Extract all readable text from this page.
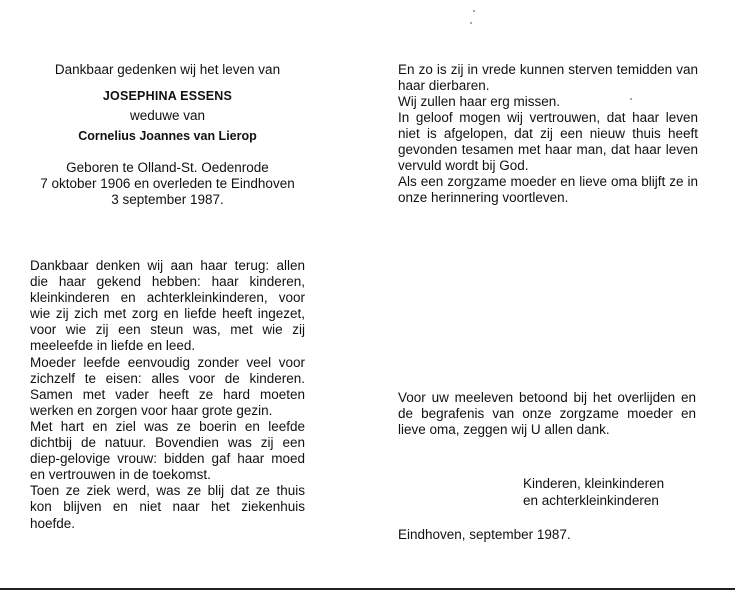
Dankbaar gedenken wij het leven van

JOSEPHINA ESSENS

weduwe van

Cornelius Joannes van Lierop

Geboren te Olland-St. Oedenrode

7 oktober 1906 en overleden te Eindhoven

3 september 1987.

Dankbaar denken wij aan haar terug: allen die haar gekend hebben: haar kinderen, kleinkinderen en achterkleinkinderen, voor wie zij zich met zorg en liefde heeft ingezet, voor wie zij een steun was, met wie zij meeleefde in liefde en leed.

Moeder leefde eenvoudig zonder veel voor zichzelf te eisen: alles voor de kinderen. Samen met vader heeft ze hard moeten werken en zorgen voor haar grote gezin.

Met hart en ziel was ze boerin en leefde dichtbij de natuur. Bovendien was zij een diep-gelovige vrouw: bidden gaf haar moed en vertrouwen in de toekomst.

Toen ze ziek werd, was ze blij dat ze thuis kon blijven en niet naar het ziekenhuis hoefde.

En zo is zij in vrede kunnen sterven temidden van haar dierbaren.

Wij zullen haar erg missen.

In geloof mogen wij vertrouwen, dat haar leven niet is afgelopen, dat zij een nieuw thuis heeft gevonden tesamen met haar man, dat haar leven vervuld wordt bij God.

Als een zorgzame moeder en lieve oma blijft ze in onze herinnering voortleven.

Voor uw meeleven betoond bij het overlijden en de begrafenis van onze zorgzame moeder en lieve oma, zeggen wij U allen dank.

Kinderen, kleinkinderen
en achterkleinkinderen
Eindhoven, september 1987.
